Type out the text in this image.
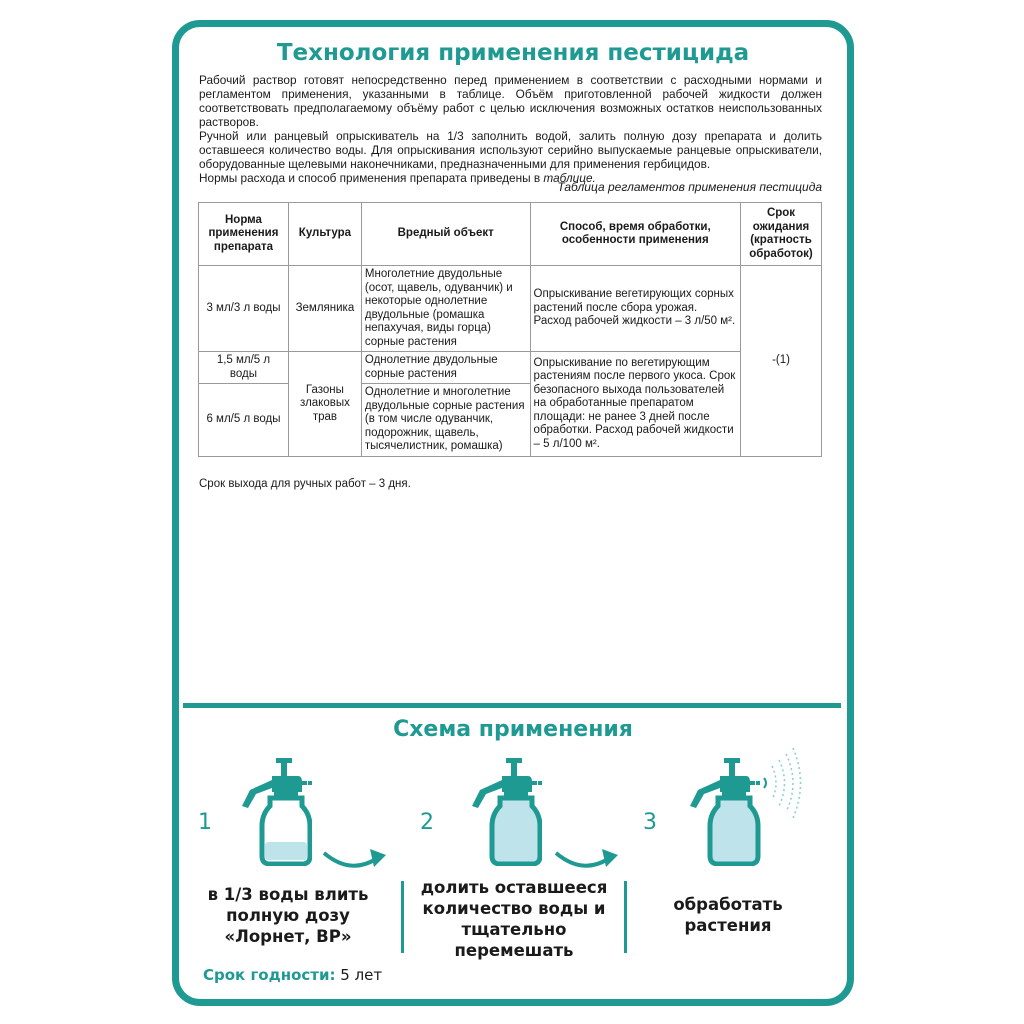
Технология применения пестицида

Рабочий раствор готовят непосредственно перед применением в соответствии с расходными нормами и регламентом применения, указанными в таблице. Объём приготовленной рабочей жидкости должен соответствовать предполагаемому объёму работ с целью исключения возможных остатков неиспользованных растворов.

Ручной или ранцевый опрыскиватель на 1/3 заполнить водой, залить полную дозу препарата и долить оставшееся количество воды. Для опрыскивания используют серийно выпускаемые ранцевые опрыскиватели, оборудованные щелевыми наконечниками, предназначенными для применения гербицидов.

Нормы расхода и способ применения препарата приведены в таблице.

Таблица регламентов применения пестицида
Норма применения препарата	Культура	Вредный объект	Способ, время обработки, особенности применения	Срок ожидания (кратность обработок)
3 мл/3 л воды	Земляника	Многолетние двудольные (осот, щавель, одуванчик) и некоторые однолетние двудольные (ромашка непахучая, виды горца) сорные растения	Опрыскивание вегетирующих сорных растений после сбора урожая. Расход рабочей жидкости – 3 л/50 м².	-(1)
1,5 мл/5 л воды	Газоны злаковых трав	Однолетние двудольные сорные растения	Опрыскивание по вегетирующим растениям после первого укоса. Срок безопасного выхода пользователей на обработанные препаратом площади: не ранее 3 дней после обработки. Расход рабочей жидкости – 5 л/100 м².	
6 мл/5 л воды		Однолетние и многолетние двудольные сорные растения (в том числе одуванчик, подорожник, щавель, тысячелистник, ромашка)		
Срок выхода для ручных работ – 3 дня.
Схема применения
1	2	3
в 1/3 воды влить полную дозу «Лорнет, ВР»
долить оставшееся количество воды и тщательно перемешать
обработать растения
Срок годности: 5 лет
